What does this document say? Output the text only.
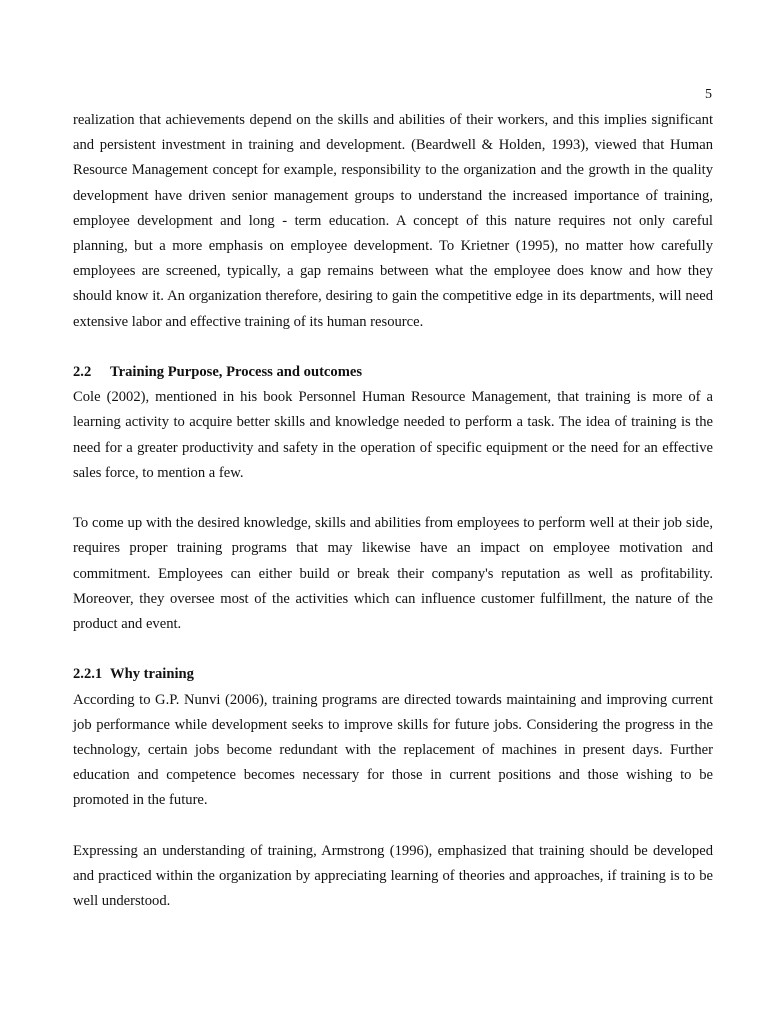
5

realization that achievements depend on the skills and abilities of their workers, and this implies significant and persistent investment in training and development. (Beardwell & Holden, 1993), viewed that Human Resource Management concept for example, responsibility to the organization and the growth in the quality development have driven senior management groups to understand the increased importance of training, employee development and long - term education. A concept of this nature requires not only careful planning, but a more emphasis on employee development. To Krietner (1995), no matter how carefully employees are screened, typically, a gap remains between what the employee does know and how they should know it. An organization therefore, desiring to gain the competitive edge in its departments, will need extensive labor and effective training of its human resource.

2.2	Training Purpose, Process and outcomes

Cole (2002), mentioned in his book Personnel Human Resource Management, that training is more of a learning activity to acquire better skills and knowledge needed to perform a task. The idea of training is the need for a greater productivity and safety in the operation of specific equipment or the need for an effective sales force, to mention a few.

To come up with the desired knowledge, skills and abilities from employees to perform well at their job side, requires proper training programs that may likewise have an impact on employee motivation and commitment. Employees can either build or break their company's reputation as well as profitability. Moreover, they oversee most of the activities which can influence customer fulfillment, the nature of the product and event.

2.2.1 Why training

According to G.P. Nunvi (2006), training programs are directed towards maintaining and improving current job performance while development seeks to improve skills for future jobs. Considering the progress in the technology, certain jobs become redundant with the replacement of machines in present days. Further education and competence becomes necessary for those in current positions and those wishing to be promoted in the future.

Expressing an understanding of training, Armstrong (1996), emphasized that training should be developed and practiced within the organization by appreciating learning of theories and approaches, if training is to be well understood.
